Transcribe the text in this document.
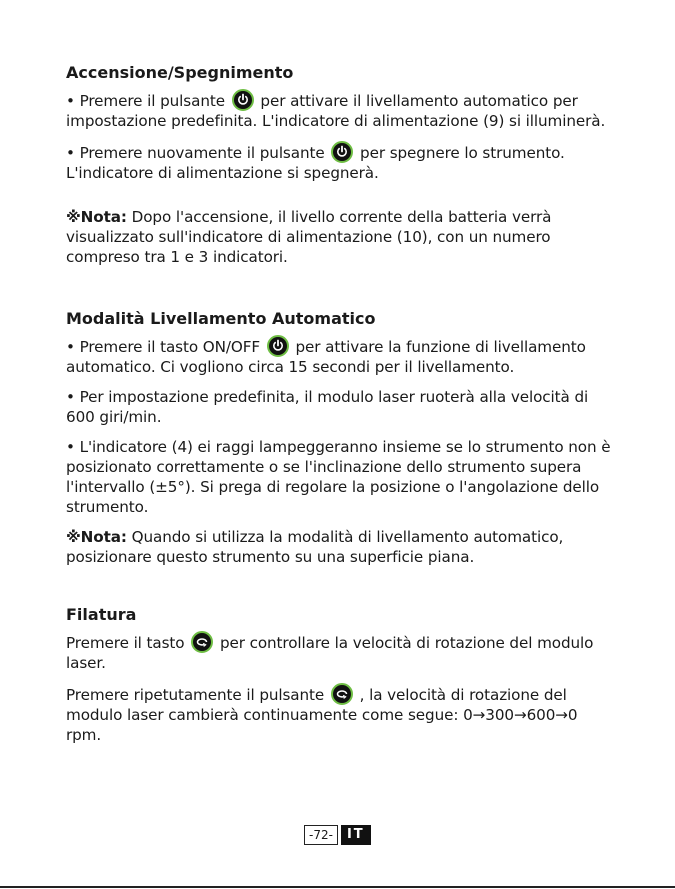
Accensione/Spegnimento

• Premere il pulsante per attivare il livellamento automatico per impostazione predefinita. L'indicatore di alimentazione (9) si illuminerà.

• Premere nuovamente il pulsante per spegnere lo strumento. L'indicatore di alimentazione si spegnerà.

※Nota: Dopo l'accensione, il livello corrente della batteria verrà visualizzato sull'indicatore di alimentazione (10), con un numero compreso tra 1 e 3 indicatori.

Modalità Livellamento Automatico

• Premere il tasto ON/OFF per attivare la funzione di livellamento automatico. Ci vogliono circa 15 secondi per il livellamento.

• Per impostazione predefinita, il modulo laser ruoterà alla velocità di 600 giri/min.

• L'indicatore (4) ei raggi lampeggeranno insieme se lo strumento non è posizionato correttamente o se l'inclinazione dello strumento supera l'intervallo (±5°). Si prega di regolare la posizione o l'angolazione dello strumento.

※Nota: Quando si utilizza la modalità di livellamento automatico, posizionare questo strumento su una superficie piana.

Filatura

Premere il tasto per controllare la velocità di rotazione del modulo laser.

Premere ripetutamente il pulsante , la velocità di rotazione del modulo laser cambierà continuamente come segue: 0→300→600→0 rpm.

-72-	IT
